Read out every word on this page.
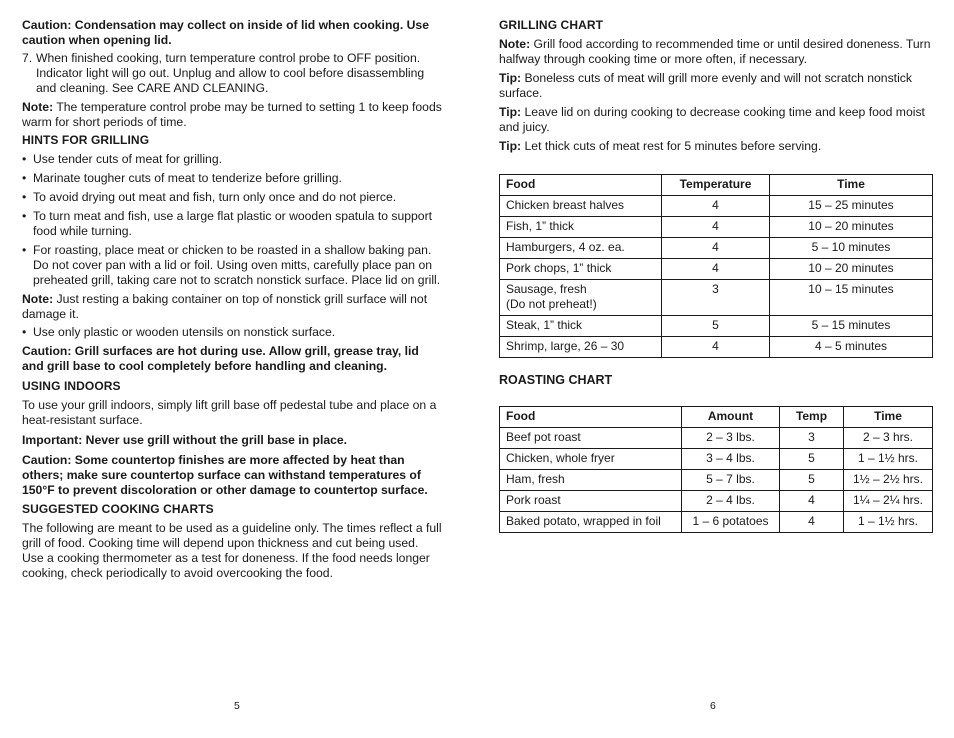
Caution: Condensation may collect on inside of lid when cooking. Use caution when opening lid.

7. When finished cooking, turn temperature control probe to OFF position. Indicator light will go out. Unplug and allow to cool before disassembling and cleaning. See CARE AND CLEANING.

Note: The temperature control probe may be turned to setting 1 to keep foods warm for short periods of time.

HINTS FOR GRILLING
• Use tender cuts of meat for grilling.
• Marinate tougher cuts of meat to tenderize before grilling.
• To avoid drying out meat and fish, turn only once and do not pierce.
• To turn meat and fish, use a large flat plastic or wooden spatula to support food while turning.
• For roasting, place meat or chicken to be roasted in a shallow baking pan. Do not cover pan with a lid or foil. Using oven mitts, carefully place pan on preheated grill, taking care not to scratch nonstick surface. Place lid on grill.

Note: Just resting a baking container on top of nonstick grill surface will not damage it.

• Use only plastic or wooden utensils on nonstick surface.

Caution: Grill surfaces are hot during use. Allow grill, grease tray, lid and grill base to cool completely before handling and cleaning.

USING INDOORS

To use your grill indoors, simply lift grill base off pedestal tube and place on a heat-resistant surface.

Important: Never use grill without the grill base in place.

Caution: Some countertop finishes are more affected by heat than others; make sure countertop surface can withstand temperatures of 150°F to prevent discoloration or other damage to countertop surface.

SUGGESTED COOKING CHARTS

The following are meant to be used as a guideline only. The times reflect a full grill of food. Cooking time will depend upon thickness and cut being used. Use a cooking thermometer as a test for doneness. If the food needs longer cooking, check periodically to avoid overcooking the food.

5
GRILLING CHART

Note: Grill food according to recommended time or until desired doneness. Turn halfway through cooking time or more often, if necessary.

Tip: Boneless cuts of meat will grill more evenly and will not scratch nonstick surface.

Tip: Leave lid on during cooking to decrease cooking time and keep food moist and juicy.

Tip: Let thick cuts of meat rest for 5 minutes before serving.

Food	Temperature	Time
Chicken breast halves	4	15 – 25 minutes
Fish, 1” thick	4	10 – 20 minutes
Hamburgers, 4 oz. ea.	4	5 – 10 minutes
Pork chops, 1” thick	4	10 – 20 minutes
Sausage, fresh
(Do not preheat!)	3	10 – 15 minutes
Steak, 1” thick	5	5 – 15 minutes
Shrimp, large, 26 – 30	4	4 – 5 minutes
ROASTING CHART
Food	Amount	Temp	Time
Beef pot roast	2 – 3 lbs.	3	2 – 3 hrs.
Chicken, whole fryer	3 – 4 lbs.	5	1 – 1½ hrs.
Ham, fresh	5 – 7 lbs.	5	1½ – 2½ hrs.
Pork roast	2 – 4 lbs.	4	1¼ – 2¼ hrs.
Baked potato, wrapped in foil	1 – 6 potatoes	4	1 – 1½ hrs.
6
